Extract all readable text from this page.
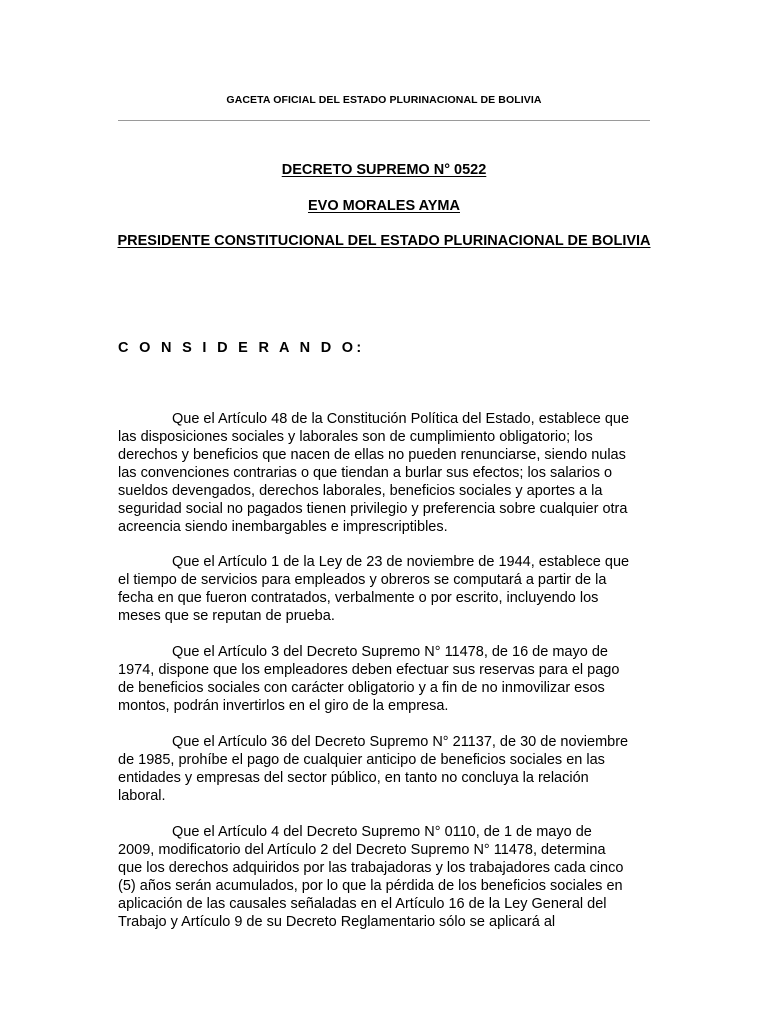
GACETA OFICIAL DEL ESTADO PLURINACIONAL DE BOLIVIA
DECRETO SUPREMO N° 0522
EVO MORALES AYMA
PRESIDENTE CONSTITUCIONAL DEL ESTADO PLURINACIONAL DE BOLIVIA
C O N S I D E R A N D O:

Que el Artículo 48 de la Constitución Política del Estado, establece que

las disposiciones sociales y laborales son de cumplimiento obligatorio; los
derechos y beneficios que nacen de ellas no pueden renunciarse, siendo nulas
las convenciones contrarias o que tiendan a burlar sus efectos; los salarios o
sueldos devengados, derechos laborales, beneficios sociales y aportes a la
seguridad social no pagados tienen privilegio y preferencia sobre cualquier otra
acreencia siendo inembargables e imprescriptibles.

Que el Artículo 1 de la Ley de 23 de noviembre de 1944, establece que

el tiempo de servicios para empleados y obreros se computará a partir de la
fecha en que fueron contratados, verbalmente o por escrito, incluyendo los
meses que se reputan de prueba.

Que el Artículo 3 del Decreto Supremo N° 11478, de 16 de mayo de

1974, dispone que los empleadores deben efectuar sus reservas para el pago
de beneficios sociales con carácter obligatorio y a fin de no inmovilizar esos
montos, podrán invertirlos en el giro de la empresa.

Que el Artículo 36 del Decreto Supremo N° 21137, de 30 de noviembre

de 1985, prohíbe el pago de cualquier anticipo de beneficios sociales en las
entidades y empresas del sector público, en tanto no concluya la relación
laboral.

Que el Artículo 4 del Decreto Supremo N° 0110, de 1 de mayo de

2009, modificatorio del Artículo 2 del Decreto Supremo N° 11478, determina
que los derechos adquiridos por las trabajadoras y los trabajadores cada cinco
(5) años serán acumulados, por lo que la pérdida de los beneficios sociales en
aplicación de las causales señaladas en el Artículo 16 de la Ley General del
Trabajo y Artículo 9 de su Decreto Reglamentario sólo se aplicará al
